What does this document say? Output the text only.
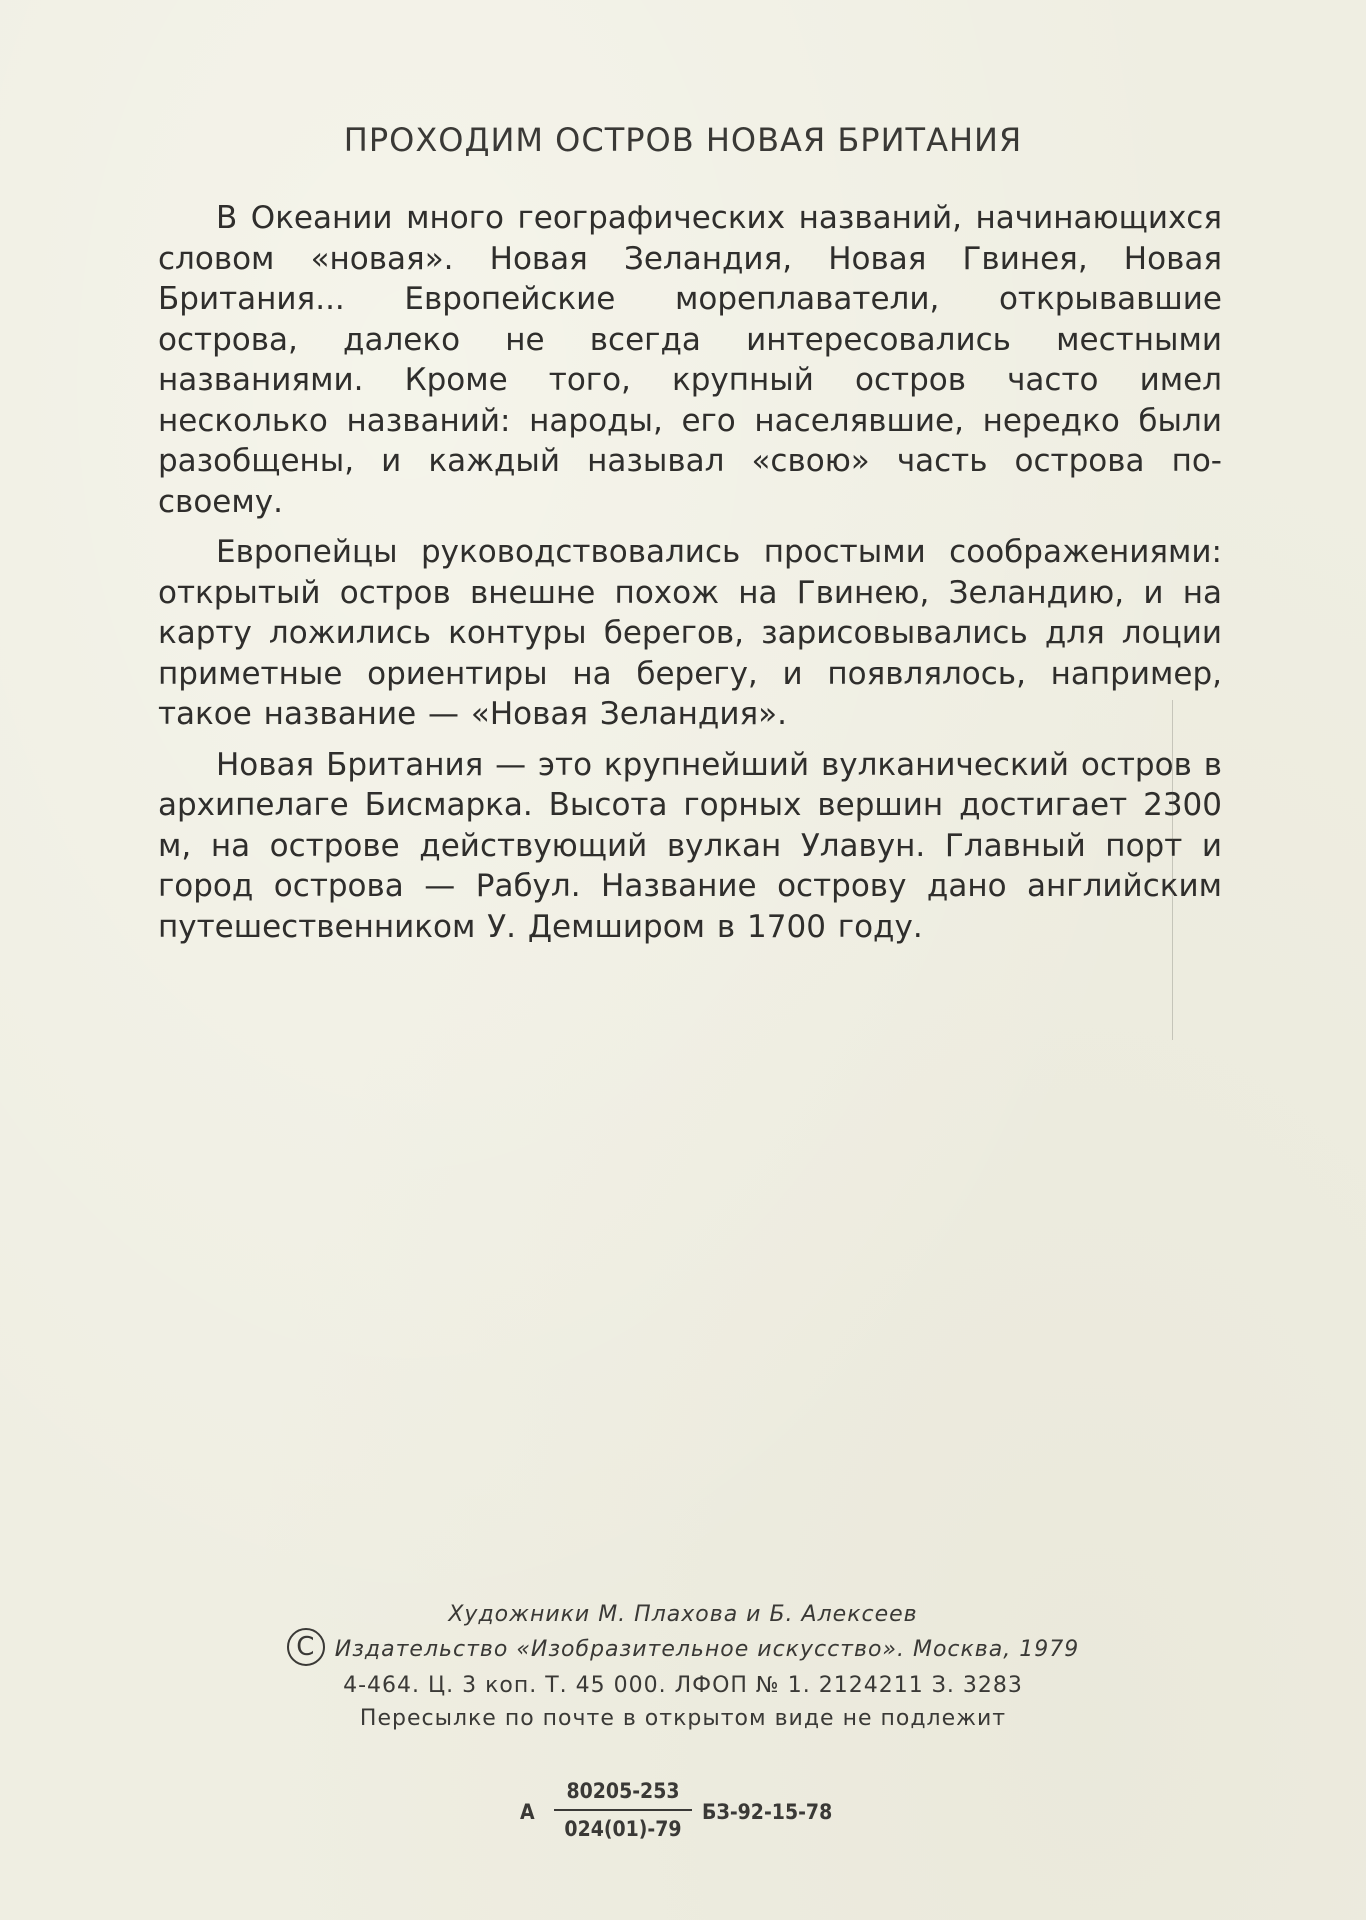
ПРОХОДИМ ОСТРОВ НОВАЯ БРИТАНИЯ

В Океании много географических названий, начинающихся словом «новая». Новая Зеландия, Новая Гвинея, Новая Британия... Европейские мореплаватели, открывавшие острова, далеко не всегда интересовались местными названиями. Кроме того, крупный остров часто имел несколько названий: народы, его населявшие, нередко были разобщены, и каждый называл «свою» часть острова по-своему.

Европейцы руководствовались простыми соображениями: открытый остров внешне похож на Гвинею, Зеландию, и на карту ложились контуры берегов, зарисовывались для лоции приметные ориентиры на берегу, и появлялось, например, такое название — «Новая Зеландия».

Новая Британия — это крупнейший вулканический остров в архипелаге Бисмарка. Высота горных вершин достигает 2300 м, на острове действующий вулкан Улавун. Главный порт и город острова — Рабул. Название острову дано английским путешественником У. Демширом в 1700 году.

Художники М. Плахова и Б. Алексеев
C Издательство «Изобразительное искусство». Москва, 1979
4-464. Ц. 3 коп. Т. 45 000. ЛФОП № 1. 2124211 З. 3283
Пересылке по почте в открытом виде не подлежит
А
80205-253
024(01)-79
БЗ-92-15-78
